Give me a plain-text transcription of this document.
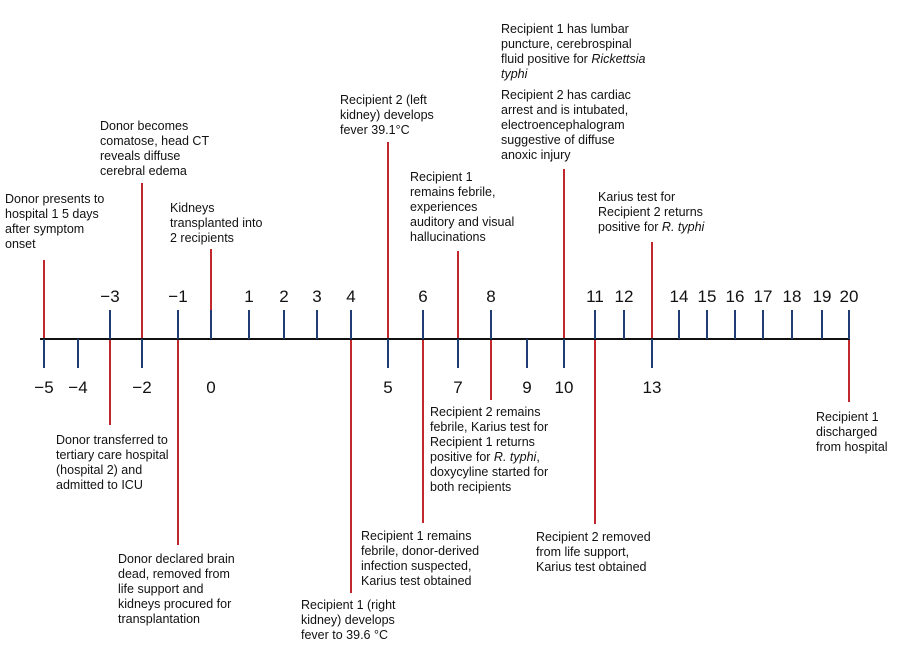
−3	−1	1 2 3 4	6	8	11 12 14 15 16 17 18 19 20
−5 −4	−2	0	5	7	9 10	13
Donor presents to hospital 1 5 days after symptom onset
Donor transferred to tertiary care hospital (hospital 2) and admitted to ICU
Donor becomes comatose, head CT reveals diffuse cerebral edema
Donor declared brain dead, removed from life support and kidneys procured for transplantation
Kidneys transplanted into 2 recipients
Recipient 1 (right kidney) develops fever to 39.6 °C
Recipient 2 (left kidney) develops fever 39.1°C
Recipient 1 remains febrile, donor-derived infection suspected, Karius test obtained
Recipient 1 remains febrile, experiences auditory and visual hallucinations
Recipient 2 remains febrile, Karius test for Recipient 1 returns positive for R. typhi, doxycyline started for both recipients
Recipient 1 has lumbar puncture, cerebrospinal fluid positive for Rickettsia typhi
Recipient 2 has cardiac arrest and is intubated, electroencephalogram suggestive of diffuse anoxic injury
Recipient 2 removed from life support, Karius test obtained
Karius test for Recipient 2 returns positive for R. typhi
Recipient 1 discharged from hospital
